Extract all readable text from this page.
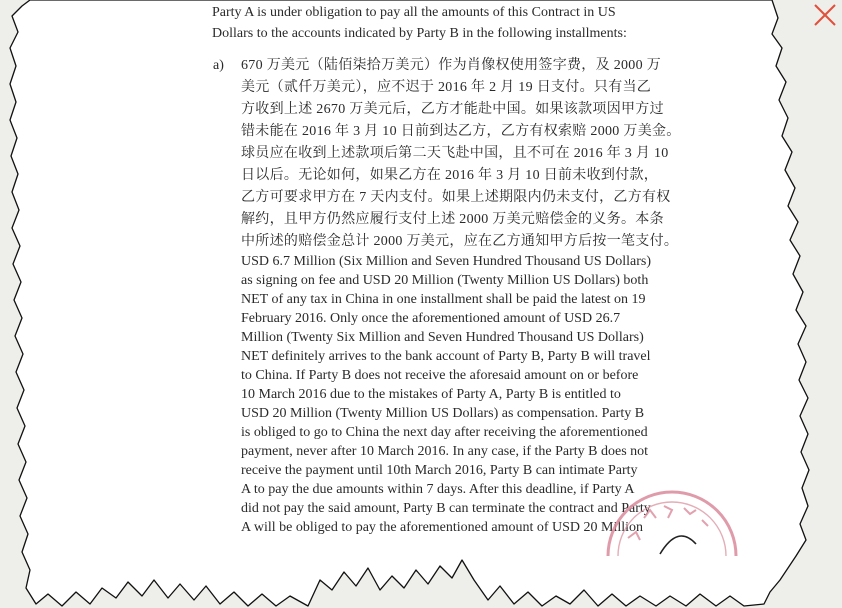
Party A is under obligation to pay all the amounts of this Contract in US
Dollars to the accounts indicated by Party B in the following installments:
a) 670 万美元（陆佰柒拾万美元）作为肖像权使用签字费，及 2000 万
美元（贰仟万美元），应不迟于 2016 年 2 月 19 日支付。只有当乙
方收到上述 2670 万美元后，乙方才能赴中国。如果该款项因甲方过
错未能在 2016 年 3 月 10 日前到达乙方，乙方有权索赔 2000 万美金。
球员应在收到上述款项后第二天飞赴中国，且不可在 2016 年 3 月 10
日以后。无论如何，如果乙方在 2016 年 3 月 10 日前未收到付款，
乙方可要求甲方在 7 天内支付。如果上述期限内仍未支付，乙方有权
解约，且甲方仍然应履行支付上述 2000 万美元赔偿金的义务。本条
中所述的赔偿金总计 2000 万美元，应在乙方通知甲方后按一笔支付。
USD 6.7 Million (Six Million and Seven Hundred Thousand US Dollars)
as signing on fee and USD 20 Million (Twenty Million US Dollars) both
NET of any tax in China in one installment shall be paid the latest on 19
February 2016. Only once the aforementioned amount of USD 26.7
Million (Twenty Six Million and Seven Hundred Thousand US Dollars)
NET definitely arrives to the bank account of Party B, Party B will travel
to China. If Party B does not receive the aforesaid amount on or before
10 March 2016 due to the mistakes of Party A, Party B is entitled to
USD 20 Million (Twenty Million US Dollars) as compensation. Party B
is obliged to go to China the next day after receiving the aforementioned
payment, never after 10 March 2016. In any case, if the Party B does not
receive the payment until 10th March 2016, Party B can intimate Party
A to pay the due amounts within 7 days. After this deadline, if Party A
did not pay the said amount, Party B can terminate the contract and Party
A will be obliged to pay the aforementioned amount of USD 20 Million
